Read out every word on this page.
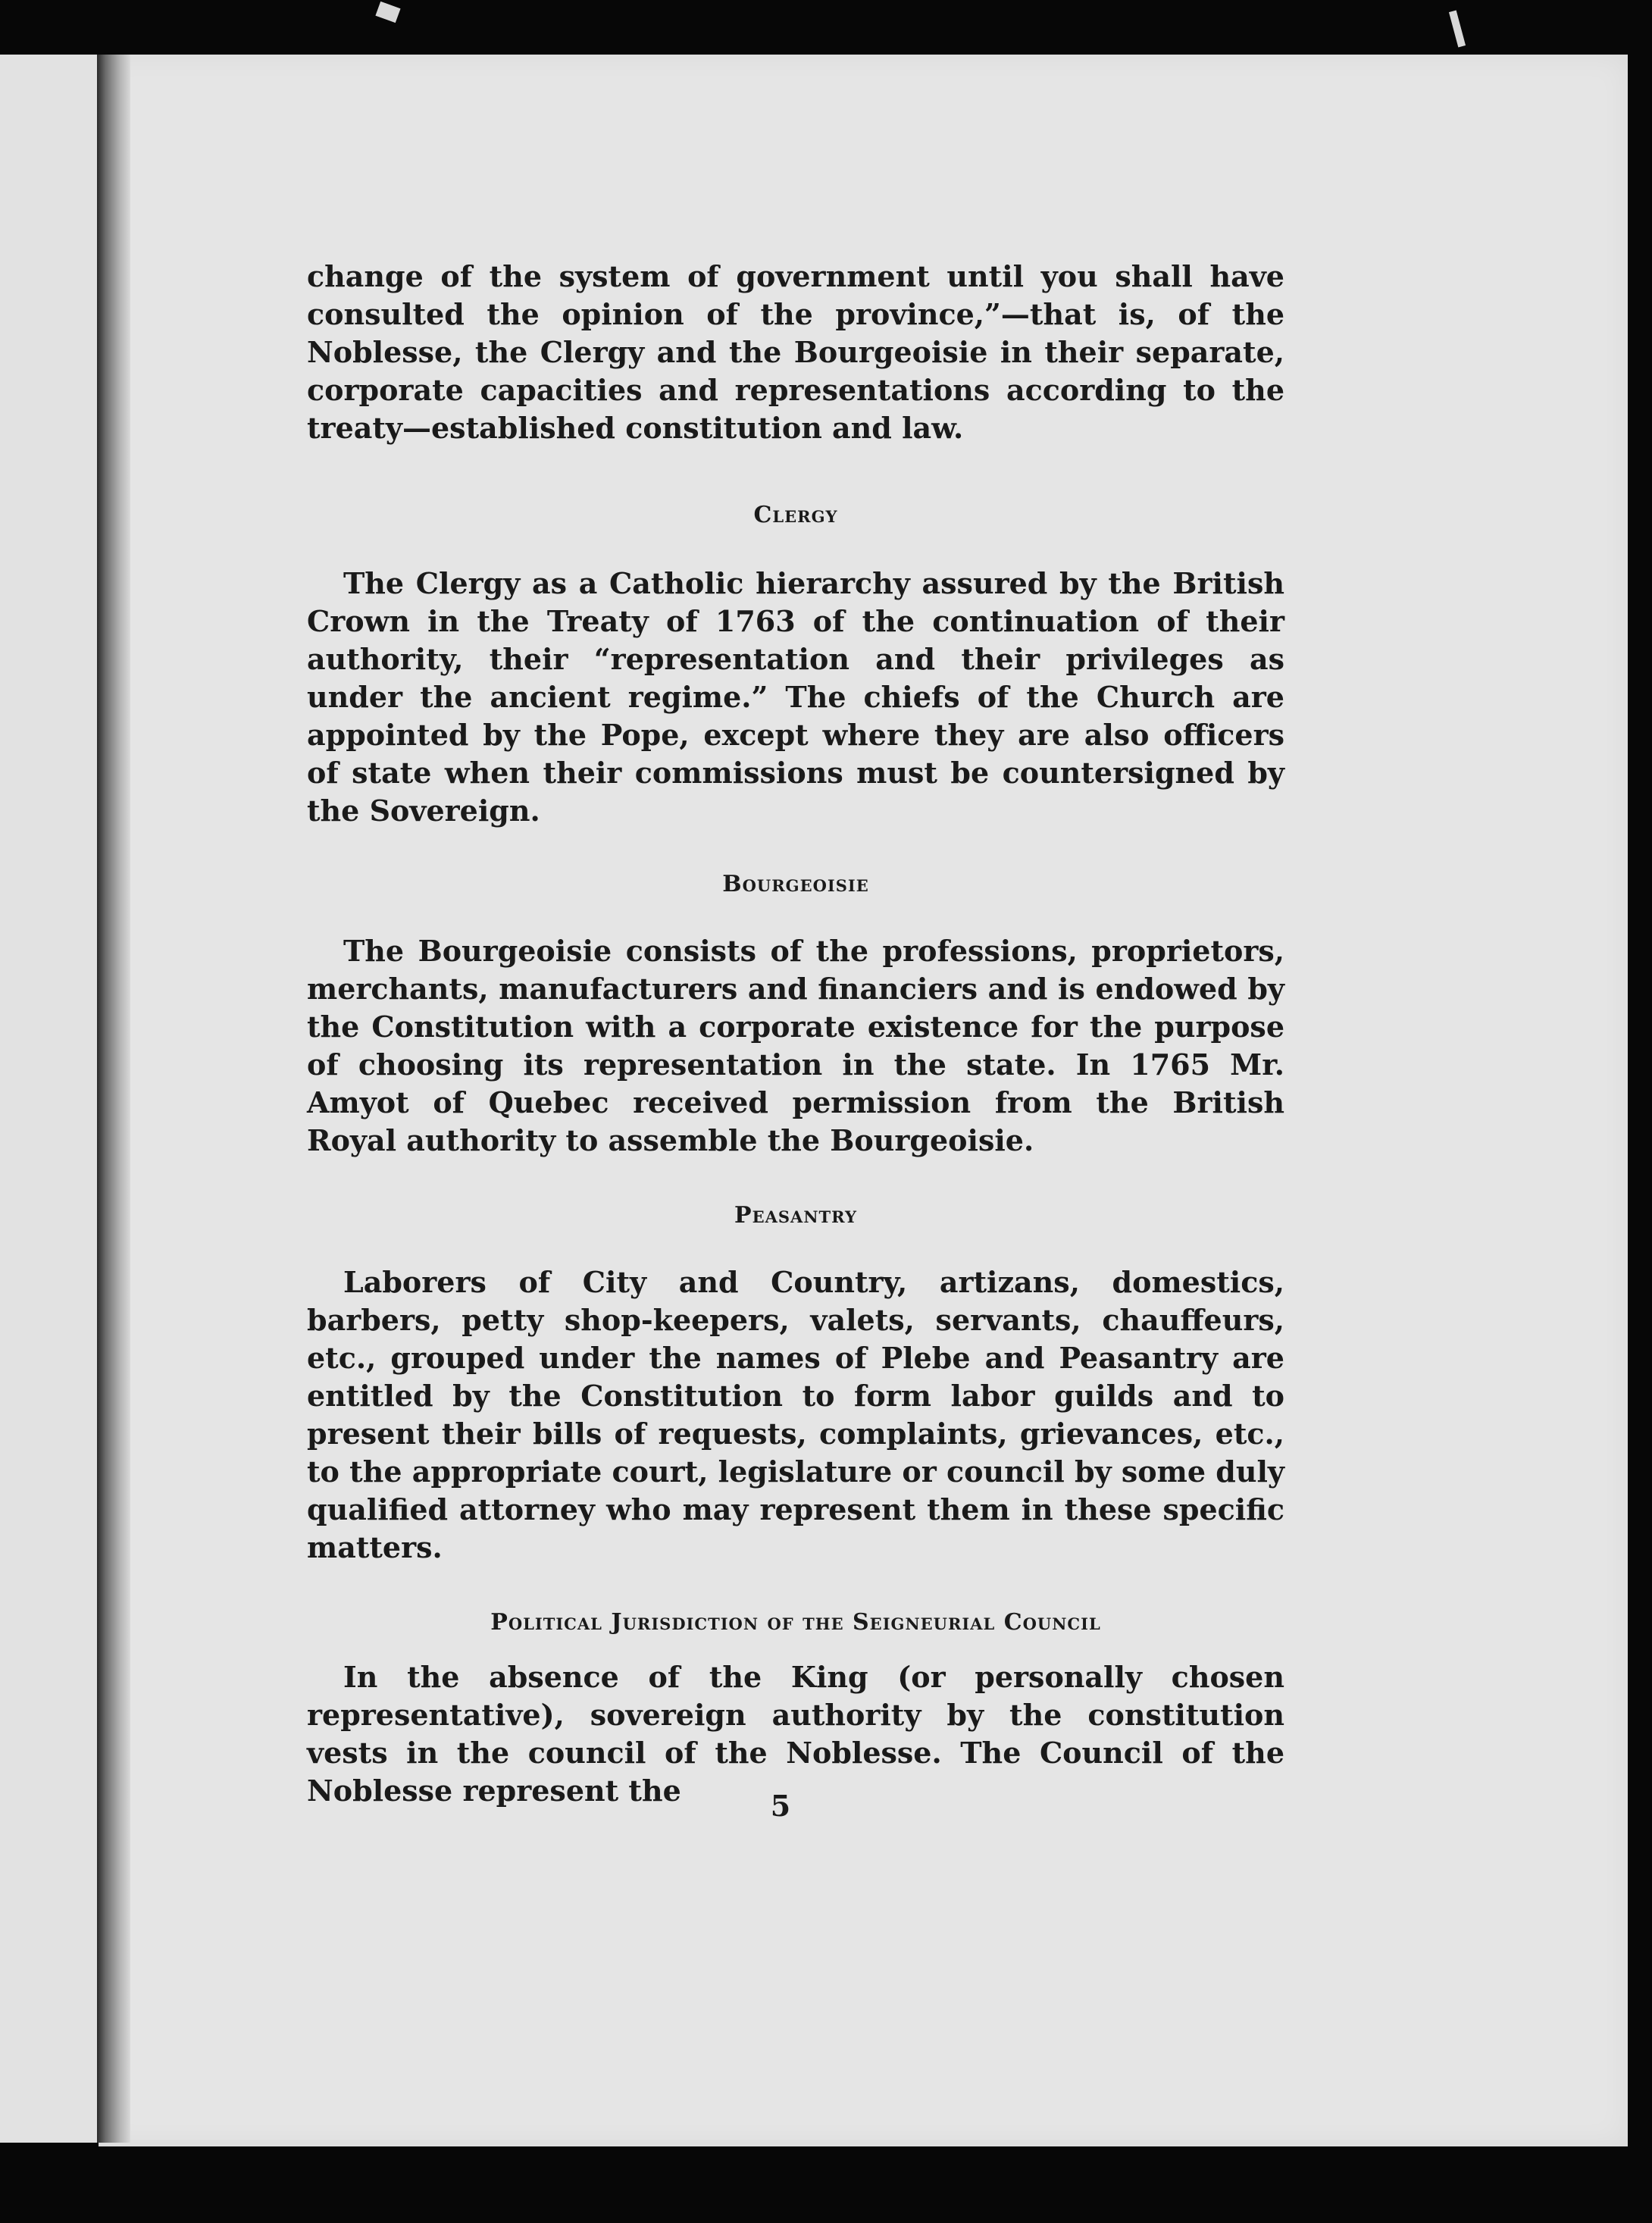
change of the system of government until you shall have consulted the opinion of the province,”—that is, of the Noblesse, the Clergy and the Bourgeoisie in their separate, corporate capacities and representations according to the treaty—established constitution and law.

Clergy

The Clergy as a Catholic hierarchy assured by the British Crown in the Treaty of 1763 of the continuation of their authority, their “representation and their privileges as under the ancient regime.” The chiefs of the Church are appointed by the Pope, except where they are also officers of state when their commissions must be countersigned by the Sovereign.

Bourgeoisie

The Bourgeoisie consists of the professions, proprietors, merchants, manufacturers and financiers and is endowed by the Constitution with a corporate existence for the purpose of choosing its representation in the state. In 1765 Mr. Amyot of Quebec received permission from the British Royal authority to assemble the Bourgeoisie.

Peasantry

Laborers of City and Country, artizans, domestics, barbers, petty shop-keepers, valets, servants, chauffeurs, etc., grouped under the names of Plebe and Peasantry are entitled by the Constitution to form labor guilds and to present their bills of requests, complaints, grievances, etc., to the appropriate court, legislature or council by some duly qualified attorney who may represent them in these specific matters.

Political Jurisdiction of the Seigneurial Council

In the absence of the King (or personally chosen representative), sovereign authority by the constitution vests in the council of the Noblesse. The Council of the Noblesse represent the	5
